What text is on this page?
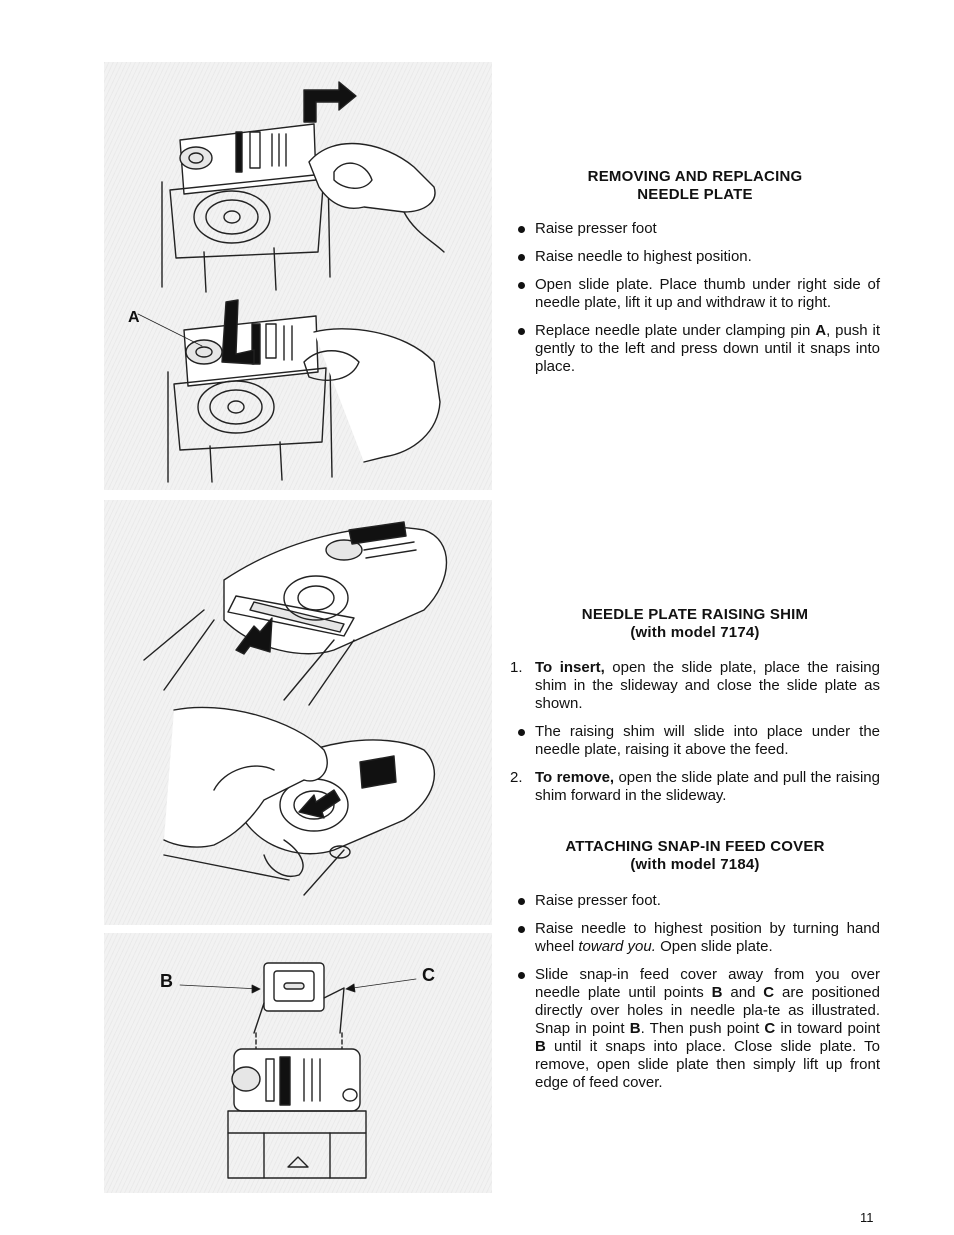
A
B	C
REMOVING AND REPLACING
NEEDLE PLATE
Raise presser foot
Raise needle to highest position.
Open slide plate. Place thumb under right side of needle plate, lift it up and withdraw it to right.
Replace needle plate under clamping pin A, push it gently to the left and press down until it snaps into place.
NEEDLE PLATE RAISING SHIM
(with model 7174)
1. To insert, open the slide plate, place the raising shim in the slideway and close the slide plate as shown.
The raising shim will slide into place under the needle plate, raising it above the feed.
2. To remove, open the slide plate and pull the raising shim forward in the slideway.
ATTACHING SNAP-IN FEED COVER
(with model 7184)
Raise presser foot.
Raise needle to highest position by turning hand wheel toward you. Open slide plate.
Slide snap-in feed cover away from you over needle plate until points B and C are positioned directly over holes in needle pla-te as illustrated. Snap in point B. Then push point C in toward point B until it snaps into place. Close slide plate. To remove, open slide plate then simply lift up front edge of feed cover.
11
